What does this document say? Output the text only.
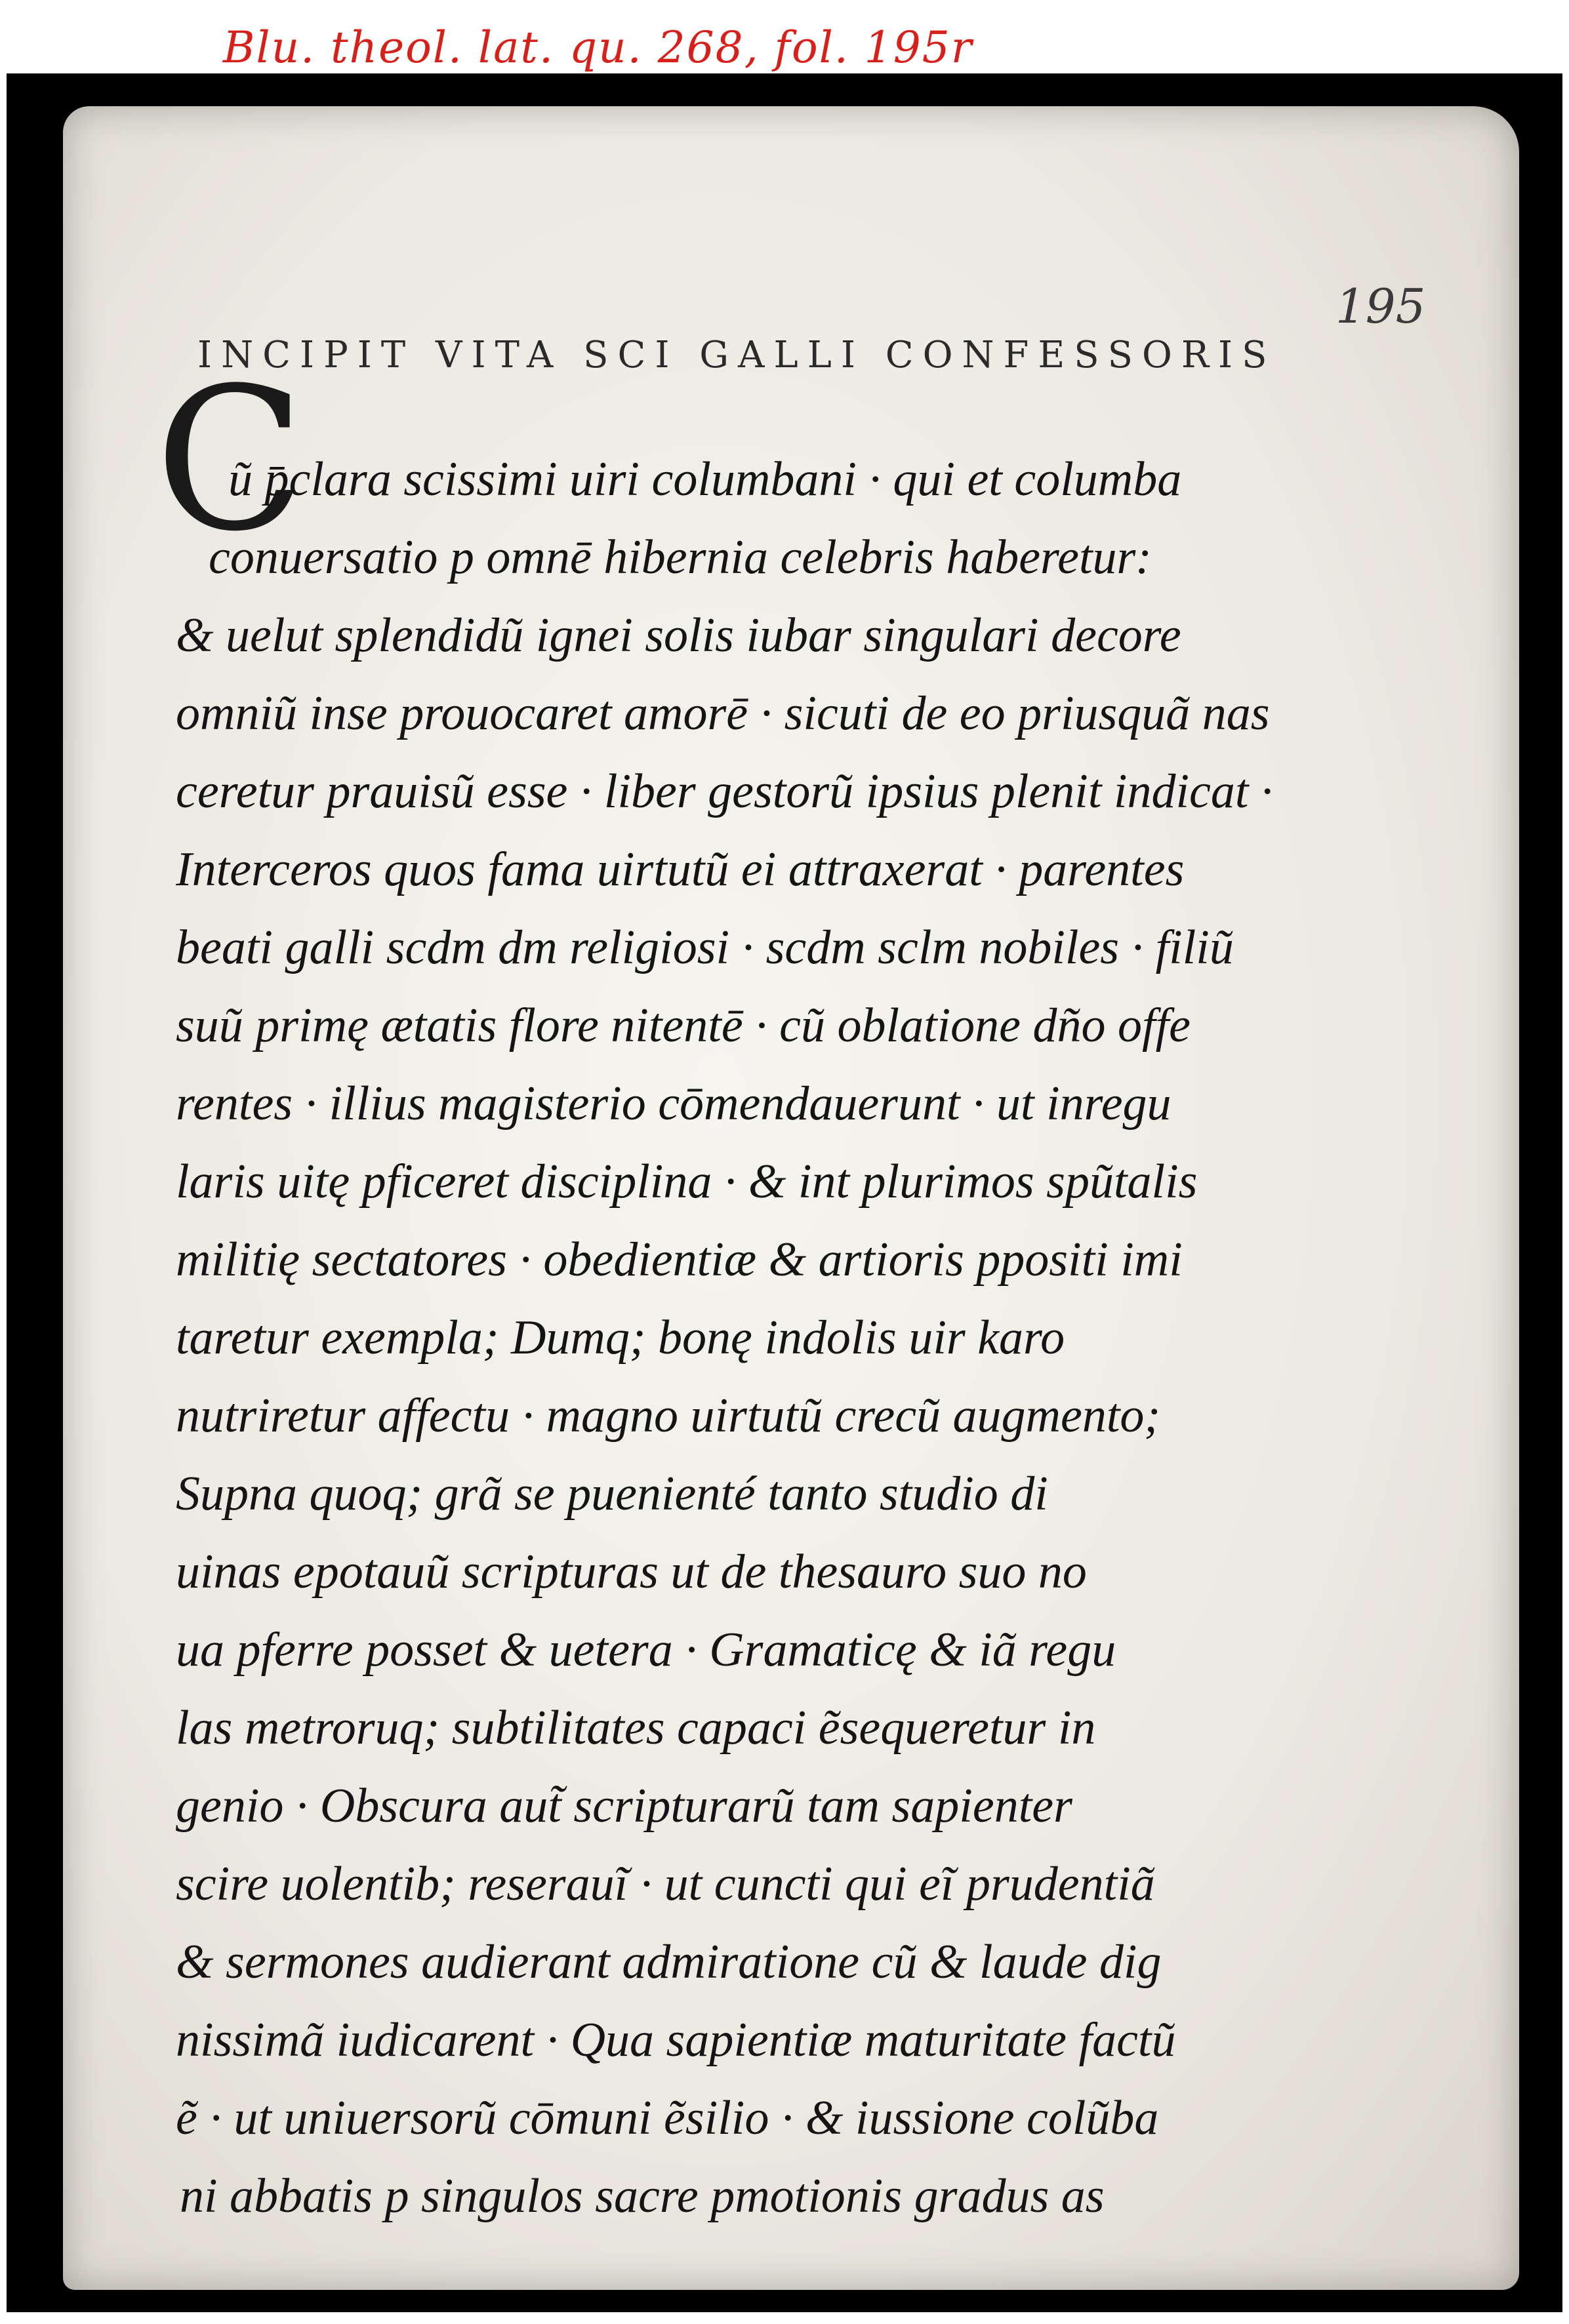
Blu. theol. lat. qu. 268, fol. 195r
195
INCIPIT VITA SCI GALLI CONFESSORIS
C
ũ p̄clara scissimi uiri columbani · qui et columba
conuersatio p omnē hibernia celebris haberetur:
& uelut splendidũ ignei solis iubar singulari decore
omniũ inse prouocaret amorē · sicuti de eo priusquã nas
ceretur prauisũ esse · liber gestorũ ipsius plenit indicat ·
Interceros quos fama uirtutũ ei attraxerat · parentes
beati galli scdm dm religiosi · scdm sclm nobiles · filiũ
suũ primę ætatis flore nitentē · cũ oblatione dño offe
rentes · illius magisterio cōmendauerunt · ut inregu
laris uitę pficeret disciplina · & int plurimos spũtalis
militię sectatores · obedientiæ & artioris ppositi imi
taretur exempla; Dumq; bonę indolis uir karo
nutriretur affectu · magno uirtutũ crecũ augmento;
Supna quoq; grã se puenienté tanto studio di
uinas epotauũ scripturas ut de thesauro suo no
ua pferre posset & uetera · Gramaticę & iã regu
las metroruq; subtilitates capaci ẽsequeretur in
genio · Obscura aut̃ scripturarũ tam sapienter
scire uolentib; reserauĩ · ut cuncti qui eĩ prudentiã
& sermones audierant admiratione cũ & laude dig
nissimã iudicarent · Qua sapientiæ maturitate factũ
ẽ · ut uniuersorũ cōmuni ẽsilio · & iussione colũba
ni abbatis p singulos sacre pmotionis gradus as
